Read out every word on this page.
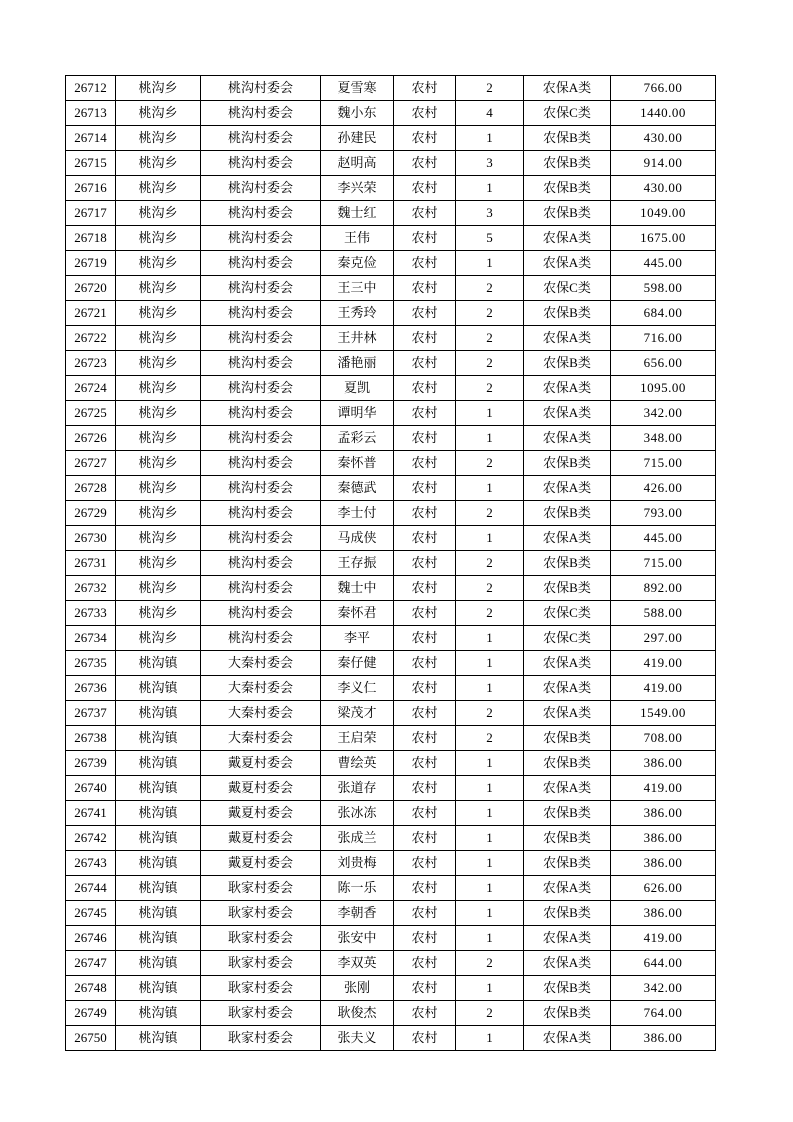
26712	桃沟乡	桃沟村委会	夏雪寒	农村	2	农保A类	766.00
26713	桃沟乡	桃沟村委会	魏小东	农村	4	农保C类	1440.00
26714	桃沟乡	桃沟村委会	孙建民	农村	1	农保B类	430.00
26715	桃沟乡	桃沟村委会	赵明高	农村	3	农保B类	914.00
26716	桃沟乡	桃沟村委会	李兴荣	农村	1	农保B类	430.00
26717	桃沟乡	桃沟村委会	魏士红	农村	3	农保B类	1049.00
26718	桃沟乡	桃沟村委会	王伟	农村	5	农保A类	1675.00
26719	桃沟乡	桃沟村委会	秦克俭	农村	1	农保A类	445.00
26720	桃沟乡	桃沟村委会	王三中	农村	2	农保C类	598.00
26721	桃沟乡	桃沟村委会	王秀玲	农村	2	农保B类	684.00
26722	桃沟乡	桃沟村委会	王井林	农村	2	农保A类	716.00
26723	桃沟乡	桃沟村委会	潘艳丽	农村	2	农保B类	656.00
26724	桃沟乡	桃沟村委会	夏凯	农村	2	农保A类	1095.00
26725	桃沟乡	桃沟村委会	谭明华	农村	1	农保A类	342.00
26726	桃沟乡	桃沟村委会	孟彩云	农村	1	农保A类	348.00
26727	桃沟乡	桃沟村委会	秦怀普	农村	2	农保B类	715.00
26728	桃沟乡	桃沟村委会	秦德武	农村	1	农保A类	426.00
26729	桃沟乡	桃沟村委会	李士付	农村	2	农保B类	793.00
26730	桃沟乡	桃沟村委会	马成侠	农村	1	农保A类	445.00
26731	桃沟乡	桃沟村委会	王存振	农村	2	农保B类	715.00
26732	桃沟乡	桃沟村委会	魏士中	农村	2	农保B类	892.00
26733	桃沟乡	桃沟村委会	秦怀君	农村	2	农保C类	588.00
26734	桃沟乡	桃沟村委会	李平	农村	1	农保C类	297.00
26735	桃沟镇	大秦村委会	秦仔健	农村	1	农保A类	419.00
26736	桃沟镇	大秦村委会	李义仁	农村	1	农保A类	419.00
26737	桃沟镇	大秦村委会	梁茂才	农村	2	农保A类	1549.00
26738	桃沟镇	大秦村委会	王启荣	农村	2	农保B类	708.00
26739	桃沟镇	戴夏村委会	曹绘英	农村	1	农保B类	386.00
26740	桃沟镇	戴夏村委会	张道存	农村	1	农保A类	419.00
26741	桃沟镇	戴夏村委会	张冰冻	农村	1	农保B类	386.00
26742	桃沟镇	戴夏村委会	张成兰	农村	1	农保B类	386.00
26743	桃沟镇	戴夏村委会	刘贵梅	农村	1	农保B类	386.00
26744	桃沟镇	耿家村委会	陈一乐	农村	1	农保A类	626.00
26745	桃沟镇	耿家村委会	李朝香	农村	1	农保B类	386.00
26746	桃沟镇	耿家村委会	张安中	农村	1	农保A类	419.00
26747	桃沟镇	耿家村委会	李双英	农村	2	农保A类	644.00
26748	桃沟镇	耿家村委会	张刚	农村	1	农保B类	342.00
26749	桃沟镇	耿家村委会	耿俊杰	农村	2	农保B类	764.00
26750	桃沟镇	耿家村委会	张夫义	农村	1	农保A类	386.00
